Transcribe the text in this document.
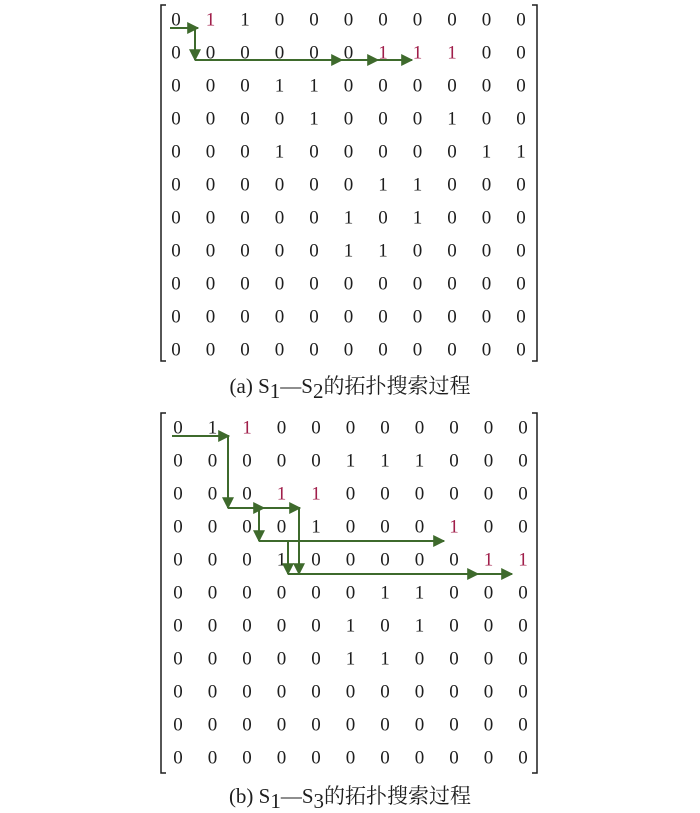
0 1 1 0 0 0 0 0 0 0 0
0 0 0 0 0 0 1 1 1 0 0
0 0 0 1 1 0 0 0 0 0 0
0 0 0 0 1 0 0 0 1 0 0
0 0 0 1 0 0 0 0 0 1 1
0 0 0 0 0 0 1 1 0 0 0
0 0 0 0 0 1 0 1 0 0 0
0 0 0 0 0 1 1 0 0 0 0
0 0 0 0 0 0 0 0 0 0 0
0 0 0 0 0 0 0 0 0 0 0
0 0 0 0 0 0 0 0 0 0 0
(a) S1—S2的拓扑搜索过程
0 1 1 0 0 0 0 0 0 0 0
0 0 0 0 0 1 1 1 0 0 0
0 0 0 1 1 0 0 0 0 0 0
0 0 0 0 1 0 0 0 1 0 0
0 0 0 1 0 0 0 0 0 1 1
0 0 0 0 0 0 1 1 0 0 0
0 0 0 0 0 1 0 1 0 0 0
0 0 0 0 0 1 1 0 0 0 0
0 0 0 0 0 0 0 0 0 0 0
0 0 0 0 0 0 0 0 0 0 0
0 0 0 0 0 0 0 0 0 0 0
(b) S1—S3的拓扑搜索过程
